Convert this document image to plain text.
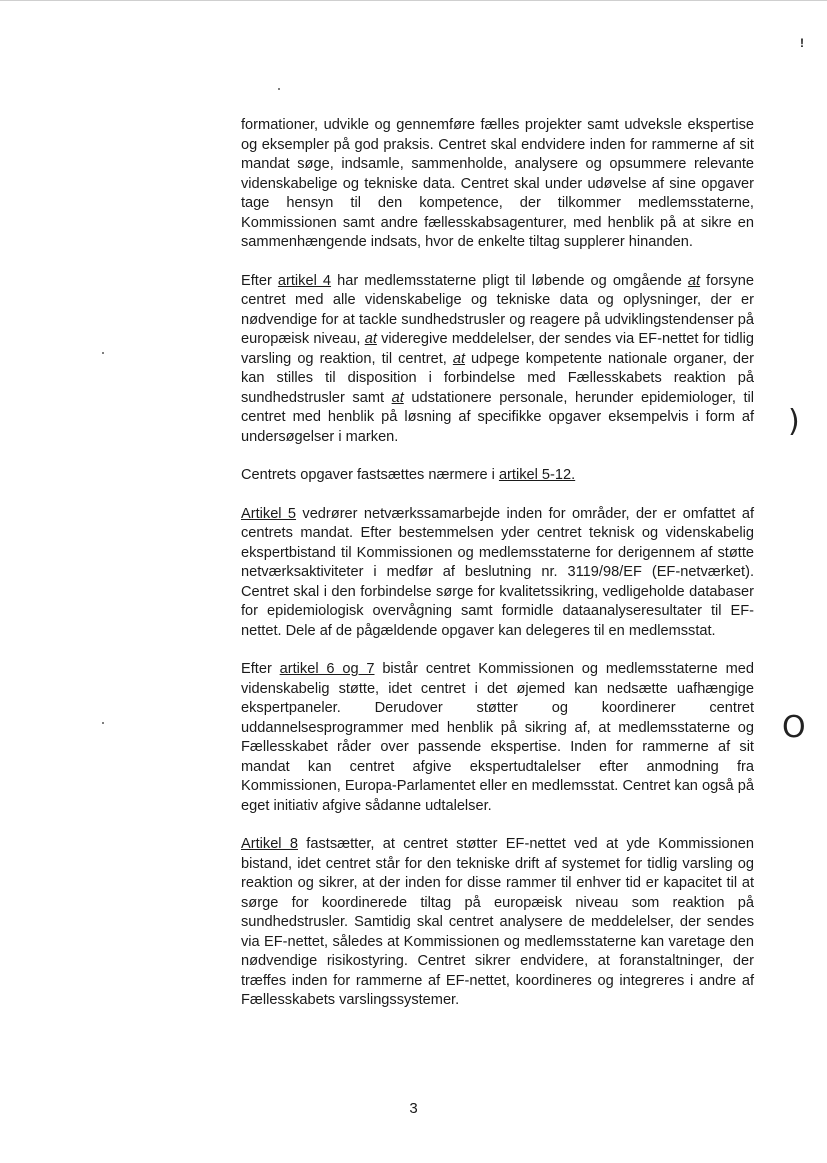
!

formationer, udvikle og gennemføre fælles projekter samt udveksle ekspertise og eksempler på god praksis. Centret skal endvidere inden for rammerne af sit mandat søge, indsamle, sammenholde, analysere og opsummere relevante videnskabelige og tekniske data. Centret skal under udøvelse af sine opgaver tage hensyn til den kompetence, der tilkommer medlemsstaterne, Kommissionen samt andre fællesskabsagenturer, med henblik på at sikre en sammenhængende indsats, hvor de enkelte tiltag supplerer hinanden.

Efter artikel 4 har medlemsstaterne pligt til løbende og omgående at forsyne centret med alle videnskabelige og tekniske data og oplysninger, der er nødvendige for at tackle sundhedstrusler og reagere på udviklingstendenser på europæisk niveau, at videregive meddelelser, der sendes via EF-nettet for tidlig varsling og reaktion, til centret, at udpege kompetente nationale organer, der kan stilles til disposition i forbindelse med Fællesskabets reaktion på sundhedstrusler samt at udstationere personale, herunder epidemiologer, til centret med henblik på løsning af specifikke opgaver eksempelvis i form af undersøgelser i marken.

Centrets opgaver fastsættes nærmere i artikel 5-12.

Artikel 5 vedrører netværkssamarbejde inden for områder, der er omfattet af centrets mandat. Efter bestemmelsen yder centret teknisk og videnskabelig ekspertbistand til Kommissionen og medlemsstaterne for derigennem af støtte netværksaktiviteter i medfør af beslutning nr. 3119/98/EF (EF-netværket). Centret skal i den forbindelse sørge for kvalitetssikring, vedligeholde databaser for epidemiologisk overvågning samt formidle dataanalyseresultater til EF-nettet. Dele af de pågældende opgaver kan delegeres til en medlemsstat.

Efter artikel 6 og 7 bistår centret Kommissionen og medlemsstaterne med videnskabelig støtte, idet centret i det øjemed kan nedsætte uafhængige ekspertpaneler. Derudover støtter og koordinerer centret uddannelsesprogrammer med henblik på sikring af, at medlemsstaterne og Fællesskabet råder over passende ekspertise. Inden for rammerne af sit mandat kan centret afgive ekspertudtalelser efter anmodning fra Kommissionen, Europa-Parlamentet eller en medlemsstat. Centret kan også på eget initiativ afgive sådanne udtalelser.

Artikel 8 fastsætter, at centret støtter EF-nettet ved at yde Kommissionen bistand, idet centret står for den tekniske drift af systemet for tidlig varsling og reaktion og sikrer, at der inden for disse rammer til enhver tid er kapacitet til at sørge for koordinerede tiltag på europæisk niveau som reaktion på sundhedstrusler. Samtidig skal centret analysere de meddelelser, der sendes via EF-nettet, således at Kommissionen og medlemsstaterne kan varetage den nødvendige risikostyring. Centret sikrer endvidere, at foranstaltninger, der træffes inden for rammerne af EF-nettet, koordineres og integreres i andre af Fællesskabets varslingssystemer.

)
O
3
